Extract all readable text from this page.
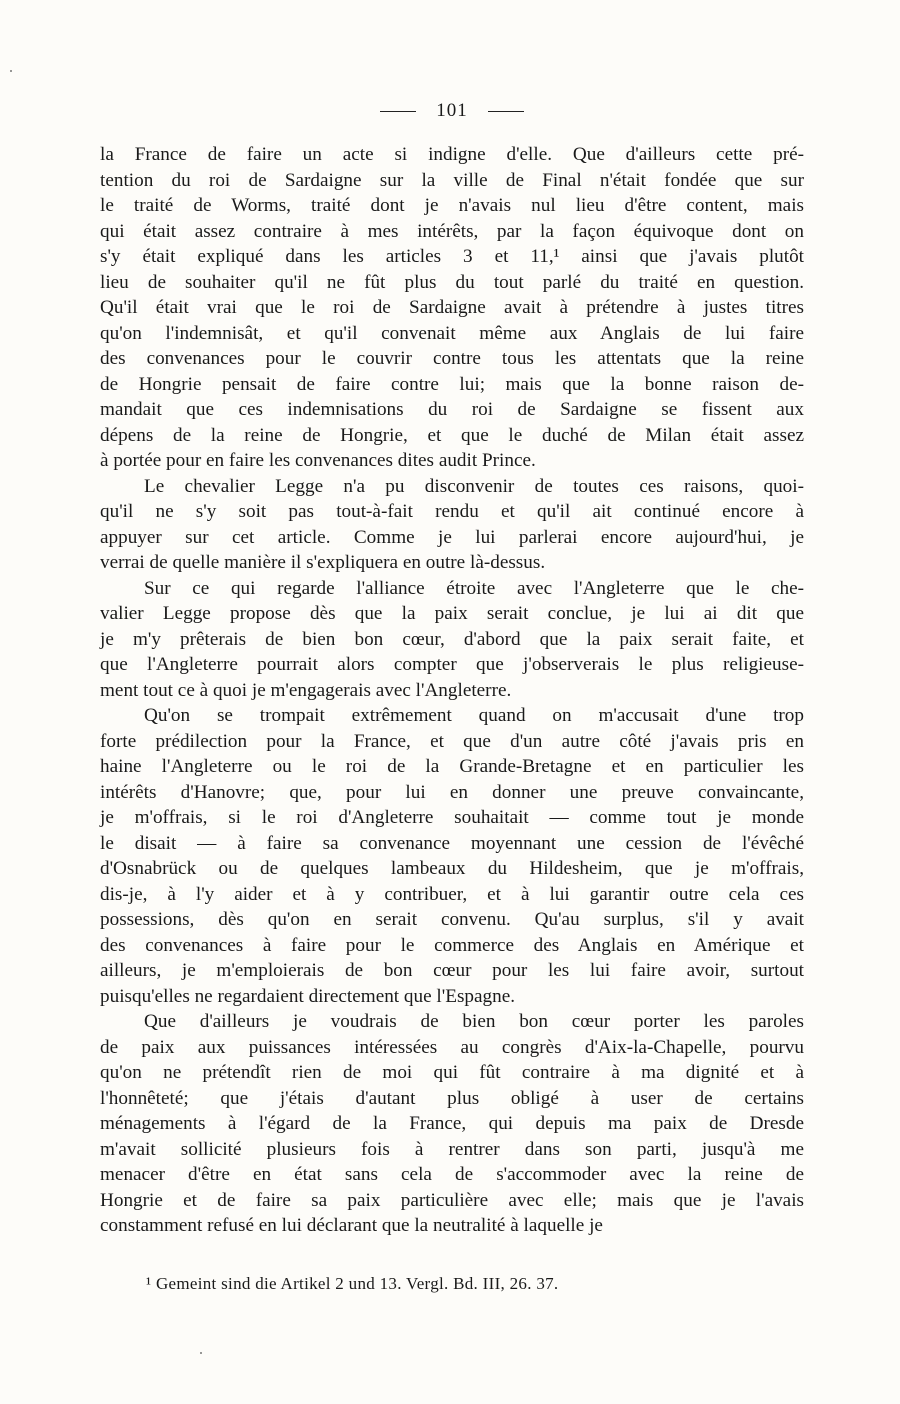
101
la France de faire un acte si indigne d'elle. Que d'ailleurs cette pré-
tention du roi de Sardaigne sur la ville de Final n'était fondée que sur
le traité de Worms, traité dont je n'avais nul lieu d'être content, mais
qui était assez contraire à mes intérêts, par la façon équivoque dont on
s'y était expliqué dans les articles 3 et 11,¹ ainsi que j'avais plutôt
lieu de souhaiter qu'il ne fût plus du tout parlé du traité en question.
Qu'il était vrai que le roi de Sardaigne avait à prétendre à justes titres
qu'on l'indemnisât, et qu'il convenait même aux Anglais de lui faire
des convenances pour le couvrir contre tous les attentats que la reine
de Hongrie pensait de faire contre lui; mais que la bonne raison de-
mandait que ces indemnisations du roi de Sardaigne se fissent aux
dépens de la reine de Hongrie, et que le duché de Milan était assez
à portée pour en faire les convenances dites audit Prince.
Le chevalier Legge n'a pu disconvenir de toutes ces raisons, quoi-
qu'il ne s'y soit pas tout-à-fait rendu et qu'il ait continué encore à
appuyer sur cet article. Comme je lui parlerai encore aujourd'hui, je
verrai de quelle manière il s'expliquera en outre là-dessus.
Sur ce qui regarde l'alliance étroite avec l'Angleterre que le che-
valier Legge propose dès que la paix serait conclue, je lui ai dit que
je m'y prêterais de bien bon cœur, d'abord que la paix serait faite, et
que l'Angleterre pourrait alors compter que j'observerais le plus religieuse-
ment tout ce à quoi je m'engagerais avec l'Angleterre.
Qu'on se trompait extrêmement quand on m'accusait d'une trop
forte prédilection pour la France, et que d'un autre côté j'avais pris en
haine l'Angleterre ou le roi de la Grande-Bretagne et en particulier les
intérêts d'Hanovre; que, pour lui en donner une preuve convaincante,
je m'offrais, si le roi d'Angleterre souhaitait — comme tout je monde
le disait — à faire sa convenance moyennant une cession de l'évêché
d'Osnabrück ou de quelques lambeaux du Hildesheim, que je m'offrais,
dis-je, à l'y aider et à y contribuer, et à lui garantir outre cela ces
possessions, dès qu'on en serait convenu. Qu'au surplus, s'il y avait
des convenances à faire pour le commerce des Anglais en Amérique et
ailleurs, je m'emploierais de bon cœur pour les lui faire avoir, surtout
puisqu'elles ne regardaient directement que l'Espagne.
Que d'ailleurs je voudrais de bien bon cœur porter les paroles
de paix aux puissances intéressées au congrès d'Aix-la-Chapelle, pourvu
qu'on ne prétendît rien de moi qui fût contraire à ma dignité et à
l'honnêteté; que j'étais d'autant plus obligé à user de certains
ménagements à l'égard de la France, qui depuis ma paix de Dresde
m'avait sollicité plusieurs fois à rentrer dans son parti, jusqu'à me
menacer d'être en état sans cela de s'accommoder avec la reine de
Hongrie et de faire sa paix particulière avec elle; mais que je l'avais
constamment refusé en lui déclarant que la neutralité à laquelle je
¹ Gemeint sind die Artikel 2 und 13. Vergl. Bd. III, 26. 37.
